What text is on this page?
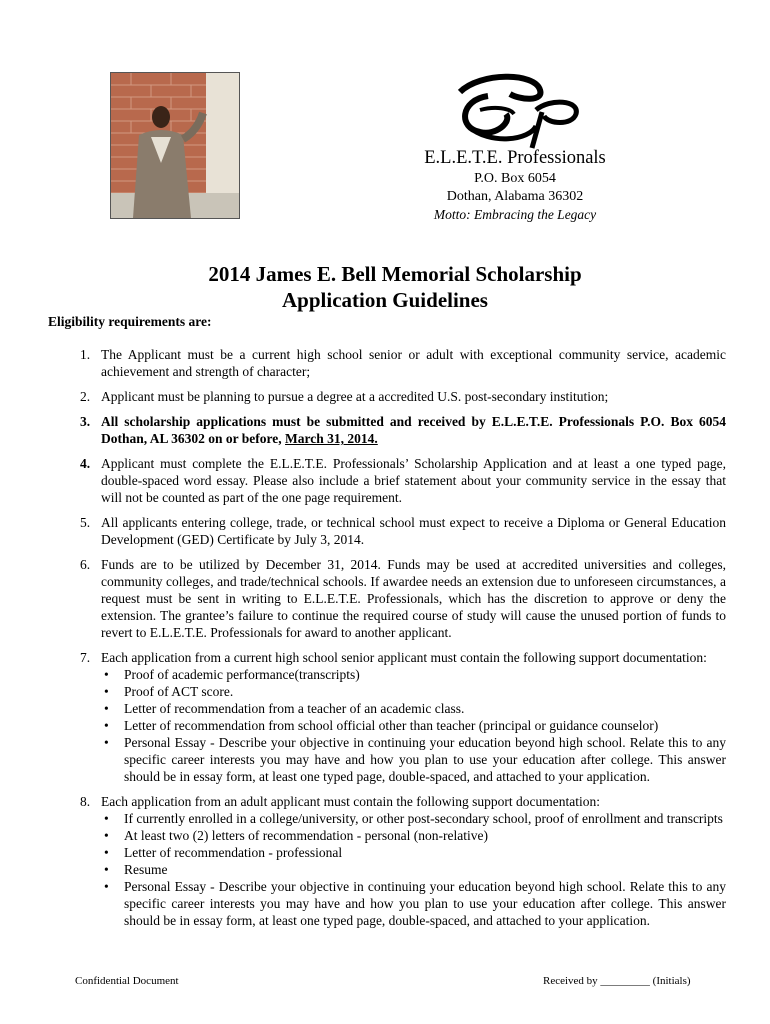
E.L.E.T.E. Professionals
P.O. Box 6054
Dothan, Alabama 36302
Motto: Embracing the Legacy
2014 James E. Bell Memorial Scholarship
Application Guidelines
Eligibility requirements are:
1. The Applicant must be a current high school senior or adult with exceptional community service, academic achievement and strength of character;
2. Applicant must be planning to pursue a degree at a accredited U.S. post-secondary institution;
3. All scholarship applications must be submitted and received by E.L.E.T.E. Professionals P.O. Box 6054 Dothan, AL 36302 on or before, March 31, 2014.
4. Applicant must complete the E.L.E.T.E. Professionals’ Scholarship Application and at least a one typed page, double-spaced word essay. Please also include a brief statement about your community service in the essay that will not be counted as part of the one page requirement.
5. All applicants entering college, trade, or technical school must expect to receive a Diploma or General Education Development (GED) Certificate by July 3, 2014.
6. Funds are to be utilized by December 31, 2014. Funds may be used at accredited universities and colleges, community colleges, and trade/technical schools. If awardee needs an extension due to unforeseen circumstances, a request must be sent in writing to E.L.E.T.E. Professionals, which has the discretion to approve or deny the extension. The grantee’s failure to continue the required course of study will cause the unused portion of funds to revert to E.L.E.T.E. Professionals for award to another applicant.
7. Each application from a current high school senior applicant must contain the following support documentation:
• Proof of academic performance(transcripts)
• Proof of ACT score.
• Letter of recommendation from a teacher of an academic class.
• Letter of recommendation from school official other than teacher (principal or guidance counselor)
• Personal Essay - Describe your objective in continuing your education beyond high school. Relate this to any specific career interests you may have and how you plan to use your education after college. This answer should be in essay form, at least one typed page, double-spaced, and attached to your application.
8. Each application from an adult applicant must contain the following support documentation:
• If currently enrolled in a college/university, or other post-secondary school, proof of enrollment and transcripts
• At least two (2) letters of recommendation - personal (non-relative)
• Letter of recommendation - professional
• Resume
• Personal Essay - Describe your objective in continuing your education beyond high school. Relate this to any specific career interests you may have and how you plan to use your education after college. This answer should be in essay form, at least one typed page, double-spaced, and attached to your application.
Confidential Document	Received by _________ (Initials)
